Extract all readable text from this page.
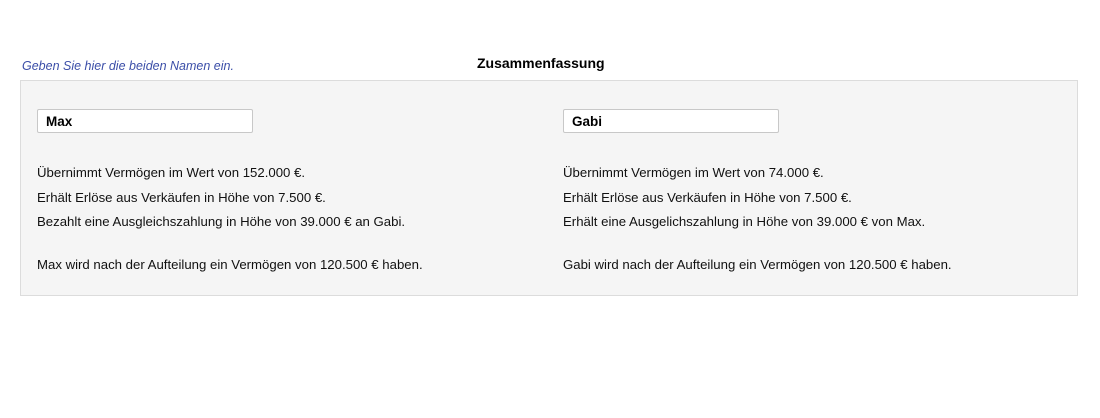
Geben Sie hier die beiden Namen ein.	Zusammenfassung
Max
Übernimmt Vermögen im Wert von 152.000 €.
Erhält Erlöse aus Verkäufen in Höhe von 7.500 €.
Bezahlt eine Ausgleichszahlung in Höhe von 39.000 € an Gabi.
Max wird nach der Aufteilung ein Vermögen von 120.500 € haben.
Gabi
Übernimmt Vermögen im Wert von 74.000 €.
Erhält Erlöse aus Verkäufen in Höhe von 7.500 €.
Erhält eine Ausgelichszahlung in Höhe von 39.000 € von Max.
Gabi wird nach der Aufteilung ein Vermögen von 120.500 € haben.
